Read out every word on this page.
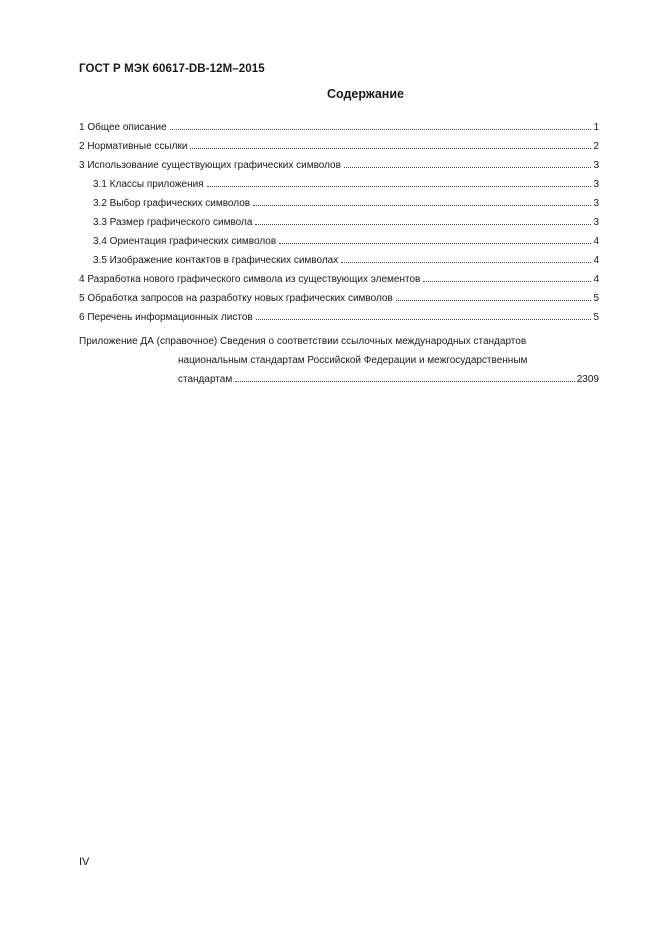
ГОСТ Р МЭК 60617-DB-12M–2015
Содержание
1 Общее описание	1
2 Нормативные ссылки	2
3 Использование существующих графических символов	3
3.1 Классы приложения	3
3.2 Выбор графических символов	3
3.3 Размер графического символа	3
3.4 Ориентация графических символов	4
3.5 Изображение контактов в графических символах	4
4 Разработка нового графического символа из существующих элементов	4
5 Обработка запросов на разработку новых графических символов	5
6 Перечень информационных листов	5
Приложение ДА (справочное) Сведения о соответствии ссылочных международных стандартов
национальным стандартам Российской Федерации и межгосударственным
стандартам	2309
IV
